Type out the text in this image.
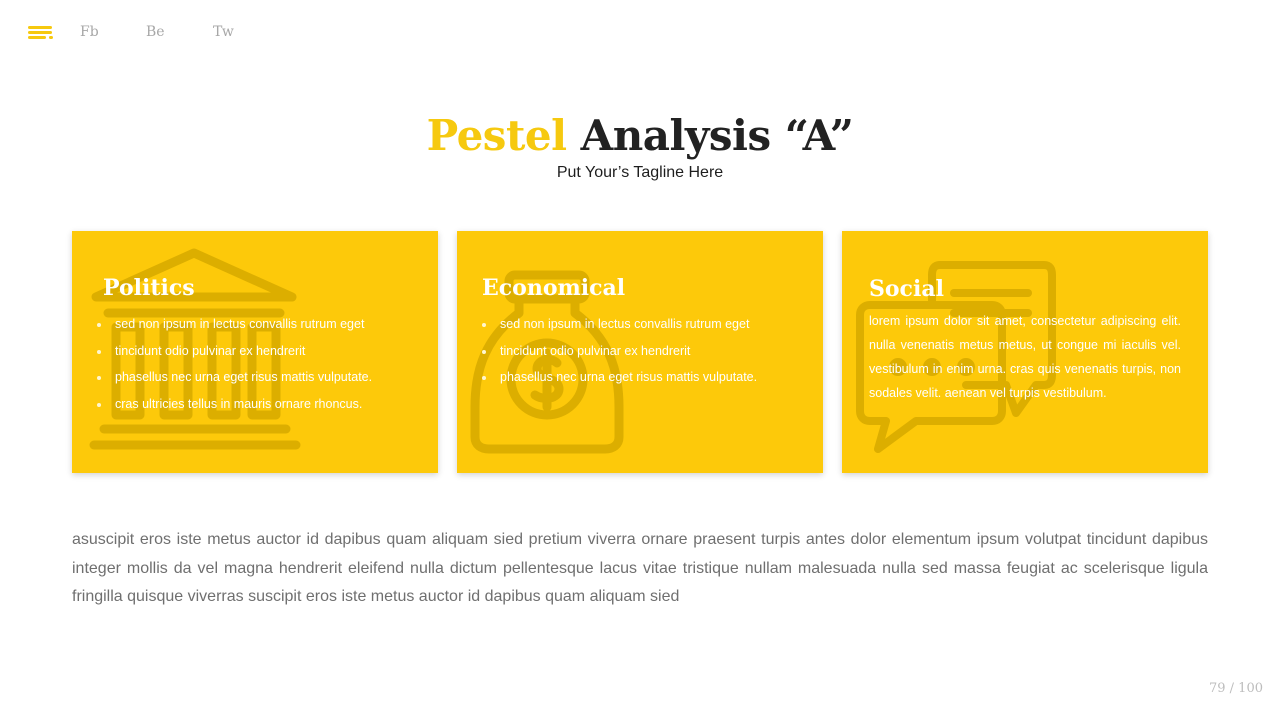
Fb	Be	Tw
Pestel Analysis “A”
Put Your’s Tagline Here
Politics
sed non ipsum in lectus convallis rutrum eget
tincidunt odio pulvinar ex hendrerit
phasellus nec urna eget risus mattis vulputate.
cras ultricies tellus in mauris ornare rhoncus.
Economical
sed non ipsum in lectus convallis rutrum eget
tincidunt odio pulvinar ex hendrerit
phasellus nec urna eget risus mattis vulputate.
Social

lorem ipsum dolor sit amet, consectetur adipiscing elit. nulla venenatis metus metus, ut congue mi iaculis vel. vestibulum in enim urna. cras quis venenatis turpis, non sodales velit. aenean vel turpis vestibulum.

asuscipit eros iste metus auctor id dapibus quam aliquam sied pretium viverra ornare praesent turpis antes dolor elementum ipsum volutpat tincidunt dapibus integer mollis da vel magna hendrerit eleifend nulla dictum pellentesque lacus vitae tristique nullam malesuada nulla sed massa feugiat ac scelerisque ligula fringilla quisque viverras suscipit eros iste metus auctor id dapibus quam aliquam sied

79 / 100
